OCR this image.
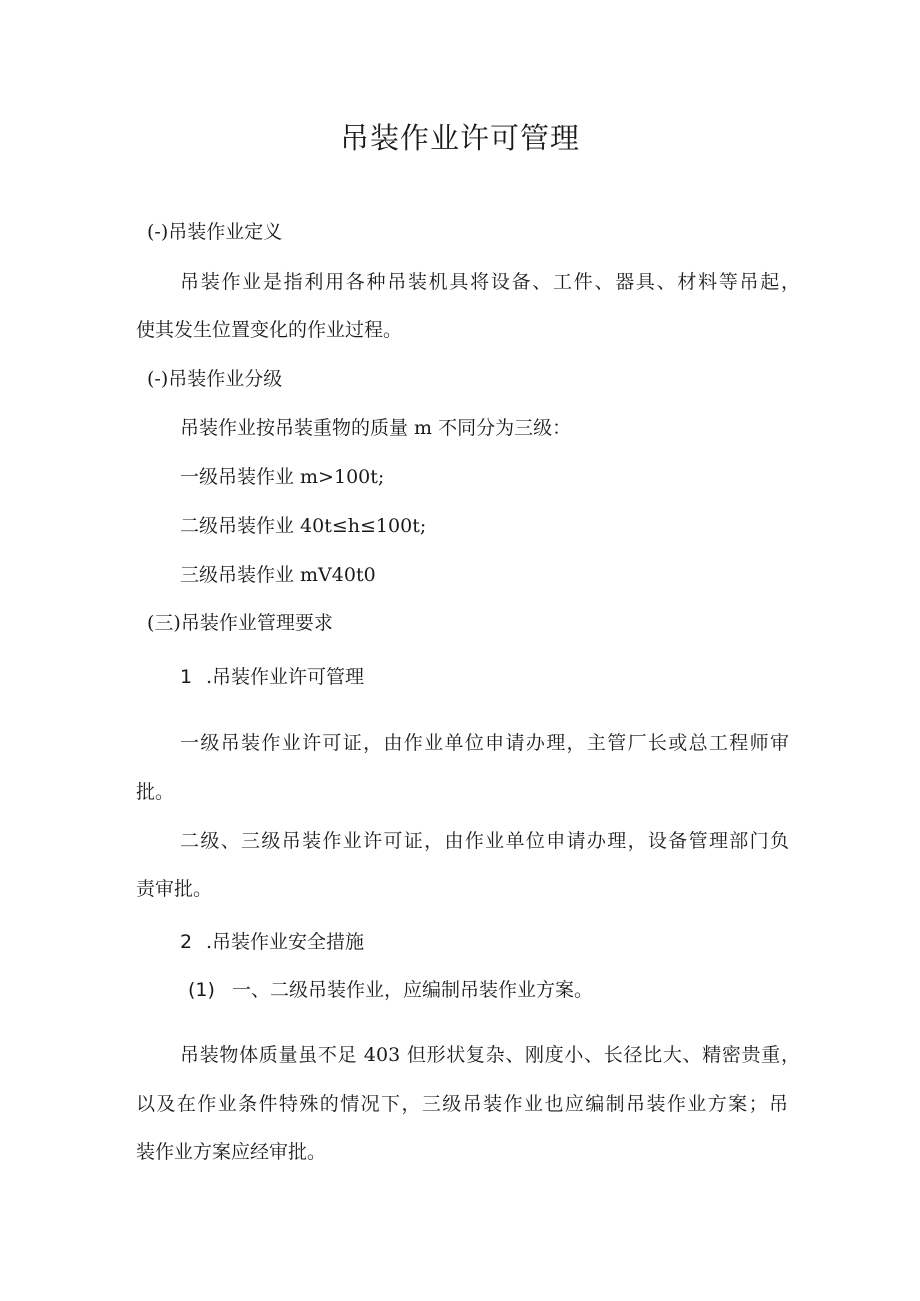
吊装作业许可管理
(-)吊装作业定义
吊装作业是指利用各种吊装机具将设备、工件、器具、材料等吊起，
使其发生位置变化的作业过程。
(-)吊装作业分级
吊装作业按吊装重物的质量 m 不同分为三级：
一级吊装作业 m>100t;
二级吊装作业 40t≤h≤100t;
三级吊装作业 mV40t0
(三)吊装作业管理要求
1 .吊装作业许可管理
一级吊装作业许可证，由作业单位申请办理，主管厂长或总工程师审
批。
二级、三级吊装作业许可证，由作业单位申请办理，设备管理部门负
责审批。
2 .吊装作业安全措施
(1) 一、二级吊装作业，应编制吊装作业方案。
吊装物体质量虽不足 403 但形状复杂、刚度小、长径比大、精密贵重，
以及在作业条件特殊的情况下，三级吊装作业也应编制吊装作业方案；吊
装作业方案应经审批。
